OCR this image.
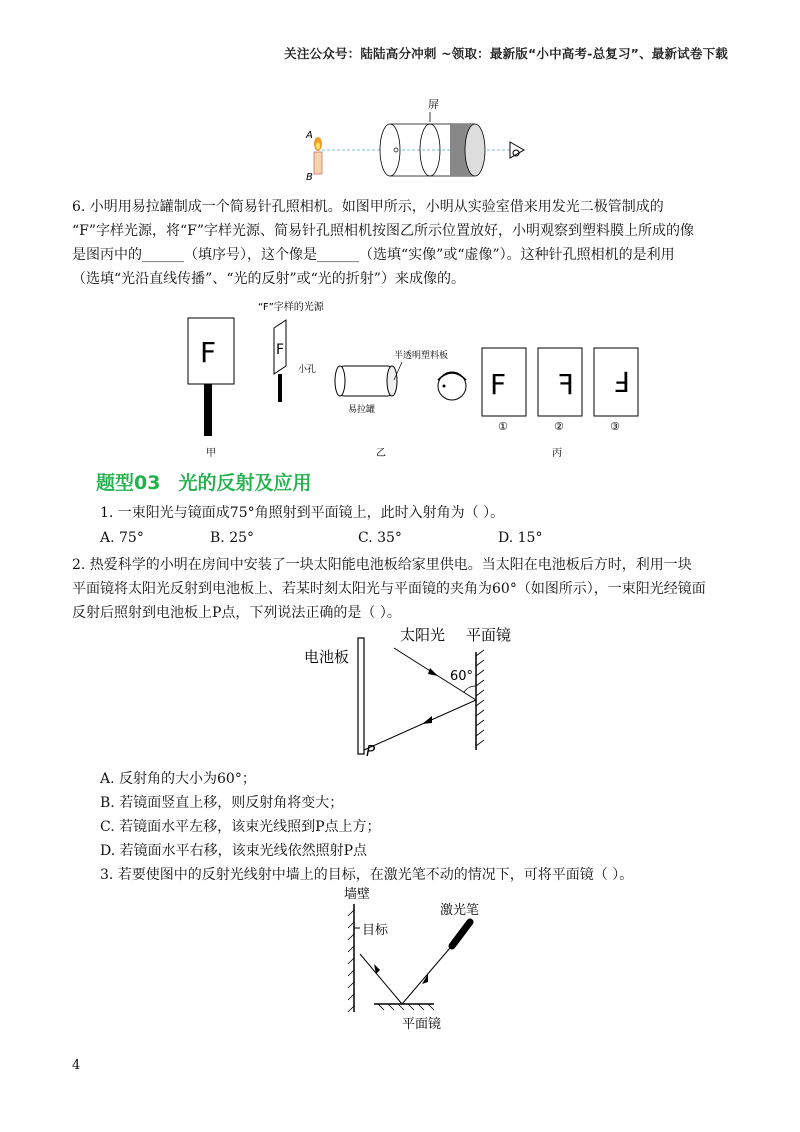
关注公众号：陆陆高分冲刺 ~领取：最新版“小中高考-总复习”、最新试卷下载
屏
A
B
6. 小明用易拉罐制成一个简易针孔照相机。如图甲所示，小明从实验室借来用发光二极管制成的
“F”字样光源，将“F”字样光源、简易针孔照相机按图乙所示位置放好，小明观察到塑料膜上所成的像
是图丙中的______（填序号），这个像是______（选填“实像”或“虚像”）。这种针孔照相机的是利用
（选填“光沿直线传播”、“光的反射”或“光的折射”）来成像的。
F
甲
“F”字样的光源
F
小孔
易拉罐
半透明塑料板
乙
F F F
①	②	③
丙
题型03 光的反射及应用
1. 一束阳光与镜面成75°角照射到平面镜上，此时入射角为（ ）。
A. 75°	B. 25°	C. 35°	D. 15°
2. 热爱科学的小明在房间中安装了一块太阳能电池板给家里供电。当太阳在电池板后方时，利用一块
平面镜将太阳光反射到电池板上、若某时刻太阳光与平面镜的夹角为60°（如图所示），一束阳光经镜面
反射后照射到电池板上P点，下列说法正确的是（ ）。
电池板
太阳光 平面镜
60°
P
A. 反射角的大小为60°；
B. 若镜面竖直上移，则反射角将变大；
C. 若镜面水平左移，该束光线照到P点上方；
D. 若镜面水平右移，该束光线依然照射P点
3. 若要使图中的反射光线射中墙上的目标，在激光笔不动的情况下，可将平面镜（ ）。
墙壁
目标
激光笔
平面镜
4
